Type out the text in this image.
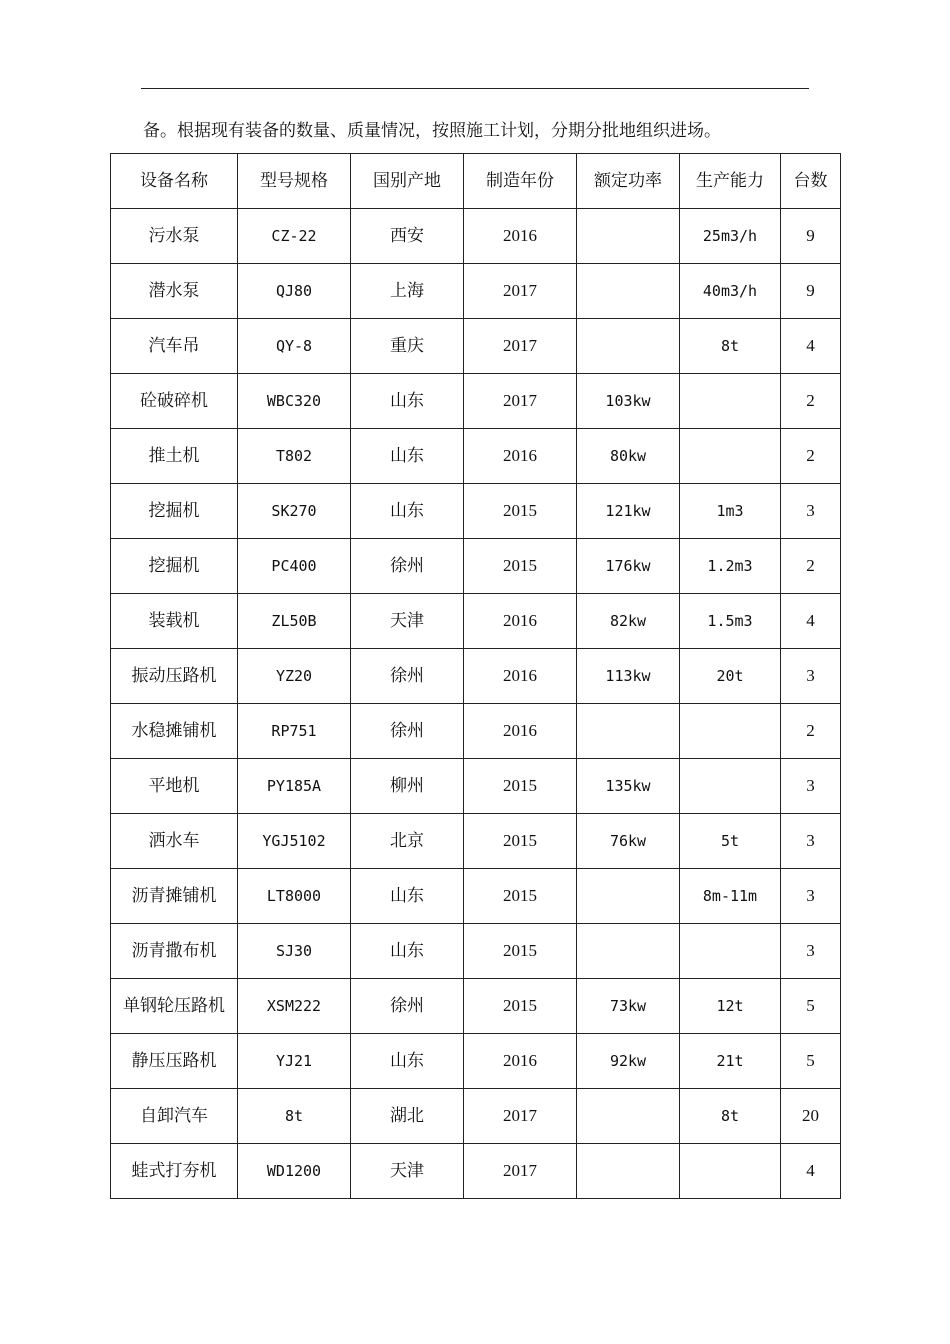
备。根据现有装备的数量、质量情况，按照施工计划，分期分批地组织进场。
设备名称	型号规格	国别产地	制造年份	额定功率	生产能力	台数
污水泵	CZ-22	西安	2016		25m3/h	9
潜水泵	QJ80	上海	2017		40m3/h	9
汽车吊	QY-8	重庆	2017		8t	4
砼破碎机	WBC320	山东	2017	103kw		2
推土机	T802	山东	2016	80kw		2
挖掘机	SK270	山东	2015	121kw	1m3	3
挖掘机	PC400	徐州	2015	176kw	1.2m3	2
装载机	ZL50B	天津	2016	82kw	1.5m3	4
振动压路机	YZ20	徐州	2016	113kw	20t	3
水稳摊铺机	RP751	徐州	2016			2
平地机	PY185A	柳州	2015	135kw		3
洒水车	YGJ5102	北京	2015	76kw	5t	3
沥青摊铺机	LT8000	山东	2015		8m-11m	3
沥青撒布机	SJ30	山东	2015			3
单钢轮压路机	XSM222	徐州	2015	73kw	12t	5
静压压路机	YJ21	山东	2016	92kw	21t	5
自卸汽车	8t	湖北	2017		8t	20
蛙式打夯机	WD1200	天津	2017			4
